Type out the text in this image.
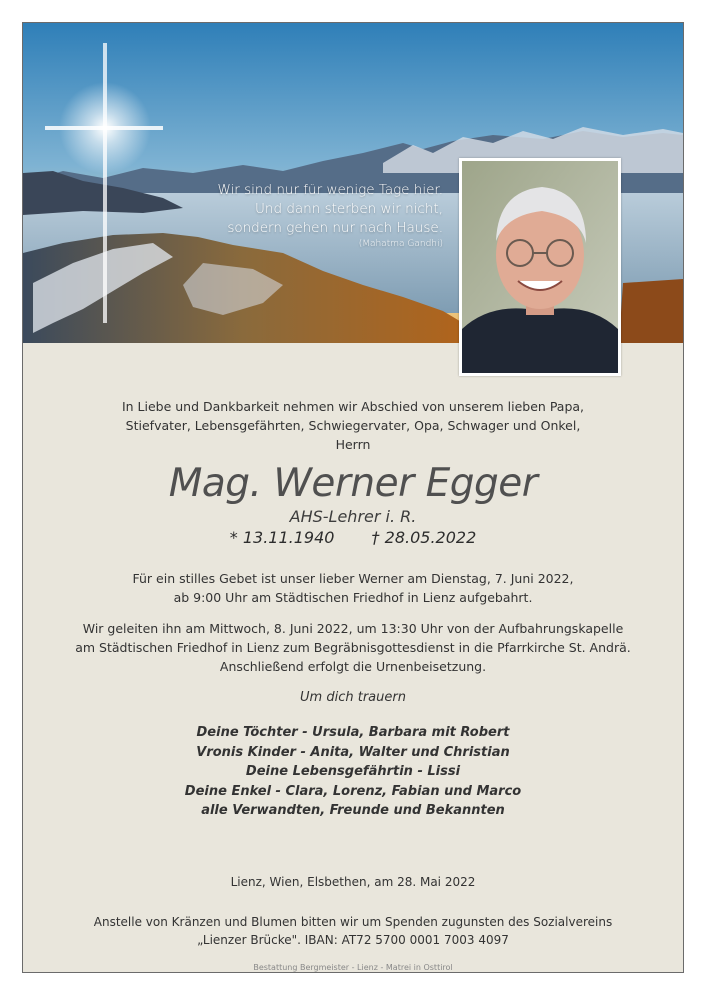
Wir sind nur für wenige Tage hier.
Und dann sterben wir nicht,
sondern gehen nur nach Hause.
(Mahatma Gandhi)
In Liebe und Dankbarkeit nehmen wir Abschied von unserem lieben Papa,
Stiefvater, Lebensgefährten, Schwiegervater, Opa, Schwager und Onkel,
Herrn
Mag. Werner Egger
AHS-Lehrer i. R.
* 13.11.1940 † 28.05.2022
Für ein stilles Gebet ist unser lieber Werner am Dienstag, 7. Juni 2022,
ab 9:00 Uhr am Städtischen Friedhof in Lienz aufgebahrt.
Wir geleiten ihn am Mittwoch, 8. Juni 2022, um 13:30 Uhr von der Aufbahrungskapelle
am Städtischen Friedhof in Lienz zum Begräbnisgottesdienst in die Pfarrkirche St. Andrä.
Anschließend erfolgt die Urnenbeisetzung.
Um dich trauern
Deine Töchter - Ursula, Barbara mit Robert
Vronis Kinder - Anita, Walter und Christian
Deine Lebensgefährtin - Lissi
Deine Enkel - Clara, Lorenz, Fabian und Marco
alle Verwandten, Freunde und Bekannten
Lienz, Wien, Elsbethen, am 28. Mai 2022
Anstelle von Kränzen und Blumen bitten wir um Spenden zugunsten des Sozialvereins
„Lienzer Brücke". IBAN: AT72 5700 0001 7003 4097
Bestattung Bergmeister - Lienz - Matrei in Osttirol
